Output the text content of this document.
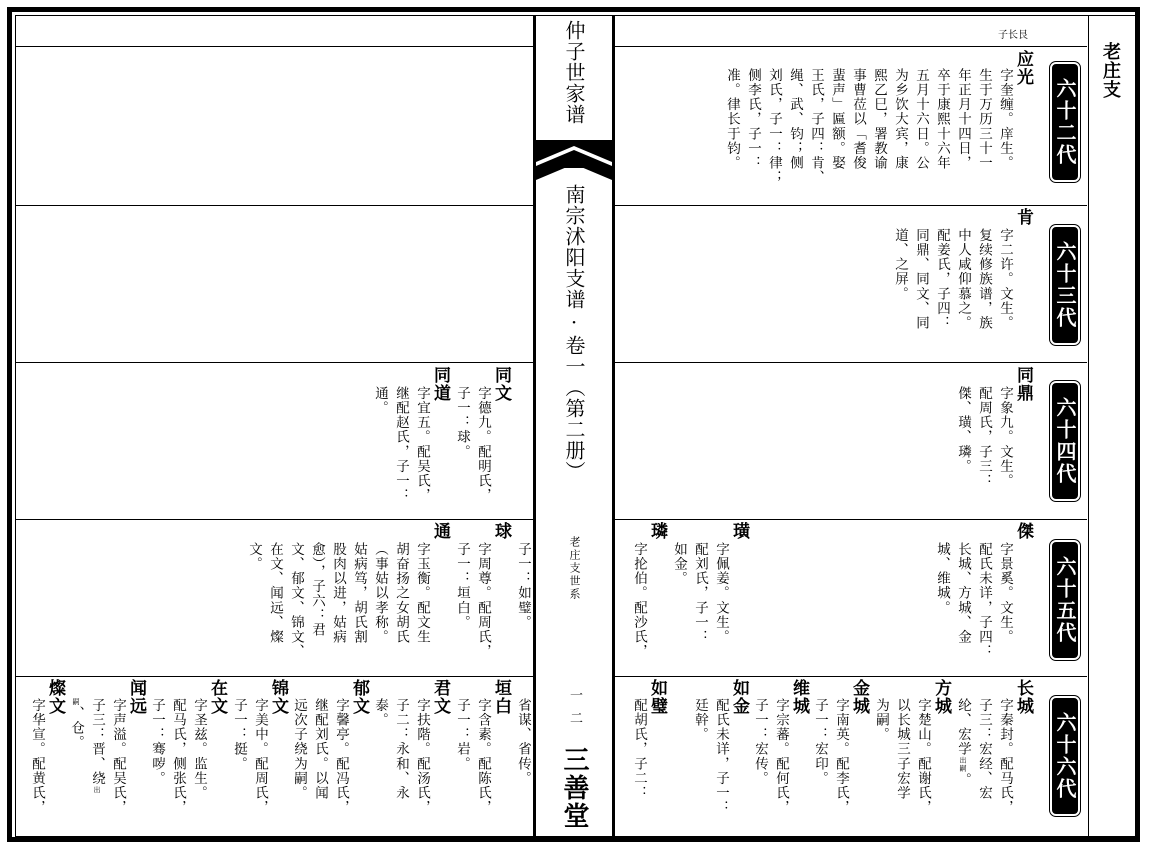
老庄支
子长艮
六十二代
六十三代
六十四代
六十五代
六十六代
应光
字奎缠。庠生。
生于万历三十一
年正月十四日，
卒于康熙十六年
五月十六日。公
为乡饮大宾，康
熙乙巳，署教谕
事曹莅以「耆俊
蜚声」匾额。娶
王氏，子四：肯、
绳、武、钧；侧
刘氏，子一：律；
侧李氏，子一：
准。律长于钧。
肯
字二许。文生。
复续修族谱，族
中人咸仰慕之。
配姜氏，子四：
同鼎、同文、同
道、之屏。
同鼎
字象九。文生。
配周氏，子三：
傑、璜、璘。
傑
字景奚。文生。
配氏未详，子四：
长城、方城、金
城、维城。
璜
字佩姜。文生。
配刘氏，子一：
如金。
璘
字抡伯。配沙氏，
长城
字秦封。配马氏，
子三：宏经、宏
纶、宏学出嗣。
方城
字楚山。配谢氏，
以长城三子宏学
为嗣。
金城
字南英。配李氏，
子一：宏印。
维城
字宗蕃。配何氏，
子一：宏传。
如金
配氏未详，子一：
廷幹。
如璧
配胡氏，子二：
仲子世家谱
南宗沭阳支谱·卷一（第二册）
老庄支世系
一二
三善堂
同文
字德九。配明氏，
子一：球。
同道
字宜五。配吴氏，
继配赵氏，子一：
通。
子一：如璧。
球
字周尊。配周氏，
子一：垣白。
通
字玉衡。配文生
胡奋扬之女胡氏
（事姑以孝称。
姑病笃，胡氏割
股肉以进，姑病
愈），子六：君
文、郁文、锦文、
在文、闻远、燦
文。
省谋、省传。
垣白
字含素。配陈氏，
子一：岩。
君文
字扶階。配汤氏，
子二：永和、永
泰。
郁文
字馨亭。配冯氏，
继配刘氏。以闻
远次子绕为嗣。
锦文
字美中。配周氏，
子一：挺。
在文
字圣兹。监生。
配马氏，侧张氏，
子一：骞哕。
闻远
字声溢。配吴氏，
子三：晋、绕出
嗣、仓。
燦文
字华宣。配黄氏，
